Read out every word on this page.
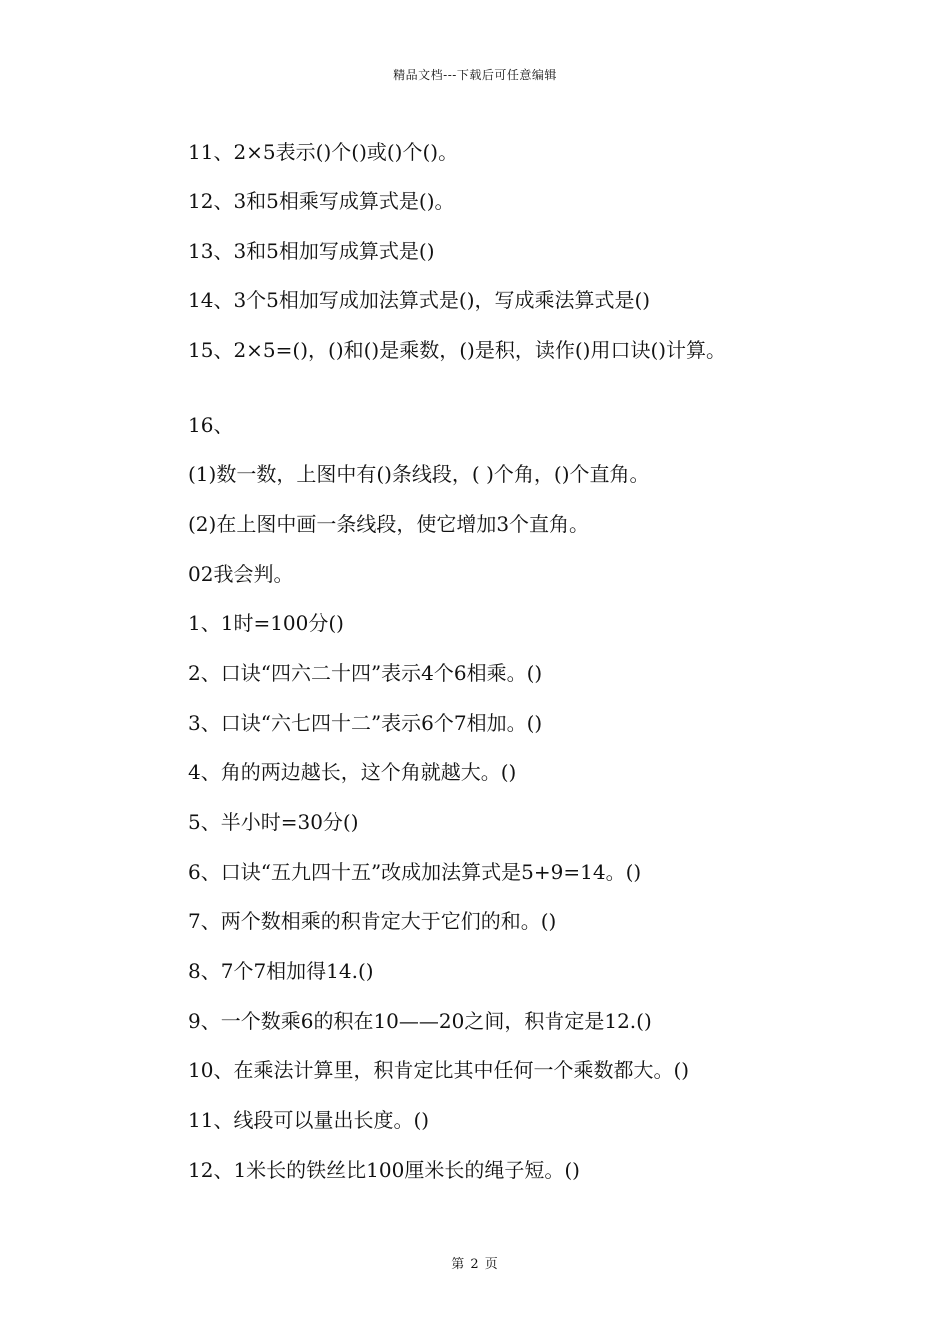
精品文档---下载后可任意编辑
11、2×5表示()个()或()个()。
12、3和5相乘写成算式是()。
13、3和5相加写成算式是()
14、3个5相加写成加法算式是()，写成乘法算式是()
15、2×5=()，()和()是乘数，()是积，读作()用口诀()计算。
16、
(1)数一数，上图中有()条线段，( )个角，()个直角。
(2)在上图中画一条线段，使它增加3个直角。
02我会判。
1、1时=100分()
2、口诀“四六二十四”表示4个6相乘。()
3、口诀“六七四十二”表示6个7相加。()
4、角的两边越长，这个角就越大。()
5、半小时=30分()
6、口诀“五九四十五”改成加法算式是5+9=14。()
7、两个数相乘的积肯定大于它们的和。()
8、7个7相加得14.()
9、一个数乘6的积在10——20之间，积肯定是12.()
10、在乘法计算里，积肯定比其中任何一个乘数都大。()
11、线段可以量出长度。()
12、1米长的铁丝比100厘米长的绳子短。()
第 2 页
